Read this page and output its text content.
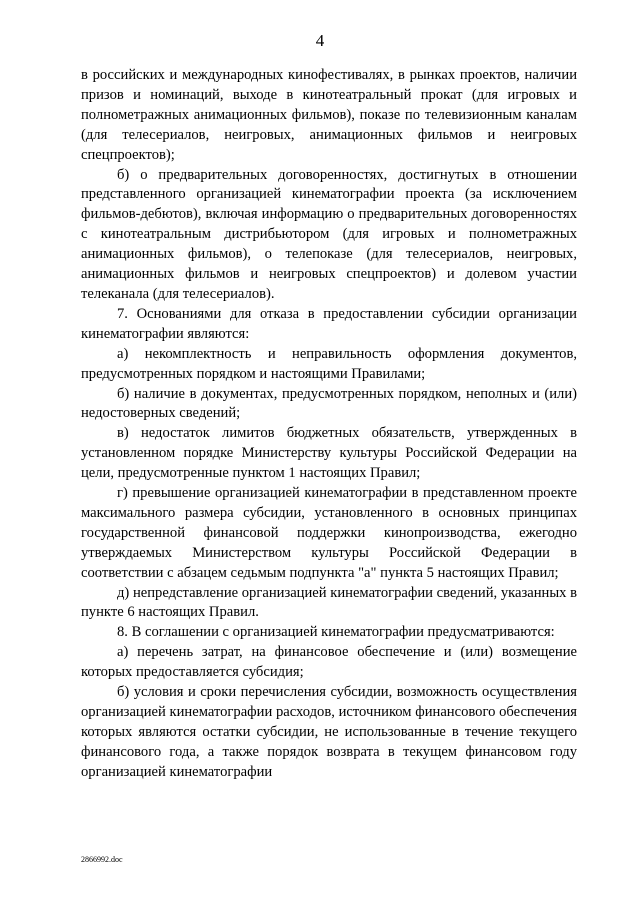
4

в российских и международных кинофестивалях, в рынках проектов, наличии призов и номинаций, выходе в кинотеатральный прокат (для игровых и полнометражных анимационных фильмов), показе по телевизионным каналам (для телесериалов, неигровых, анимационных фильмов и неигровых спецпроектов);

б) о предварительных договоренностях, достигнутых в отношении представленного организацией кинематографии проекта (за исключением фильмов-дебютов), включая информацию о предварительных договоренностях с кинотеатральным дистрибьютором (для игровых и полнометражных анимационных фильмов), о телепоказе (для телесериалов, неигровых, анимационных фильмов и неигровых спецпроектов) и долевом участии телеканала (для телесериалов).

7. Основаниями для отказа в предоставлении субсидии организации кинематографии являются:

а) некомплектность и неправильность оформления документов, предусмотренных порядком и настоящими Правилами;

б) наличие в документах, предусмотренных порядком, неполных и (или) недостоверных сведений;

в) недостаток лимитов бюджетных обязательств, утвержденных в установленном порядке Министерству культуры Российской Федерации на цели, предусмотренные пунктом 1 настоящих Правил;

г) превышение организацией кинематографии в представленном проекте максимального размера субсидии, установленного в основных принципах государственной финансовой поддержки кинопроизводства, ежегодно утверждаемых Министерством культуры Российской Федерации в соответствии с абзацем седьмым подпункта "а" пункта 5 настоящих Правил;

д) непредставление организацией кинематографии сведений, указанных в пункте 6 настоящих Правил.

8. В соглашении с организацией кинематографии предусматриваются:

а) перечень затрат, на финансовое обеспечение и (или) возмещение которых предоставляется субсидия;

б) условия и сроки перечисления субсидии, возможность осуществления организацией кинематографии расходов, источником финансового обеспечения которых являются остатки субсидии, не использованные в течение текущего финансового года, а также порядок возврата в текущем финансовом году организацией кинематографии

2866992.doc
